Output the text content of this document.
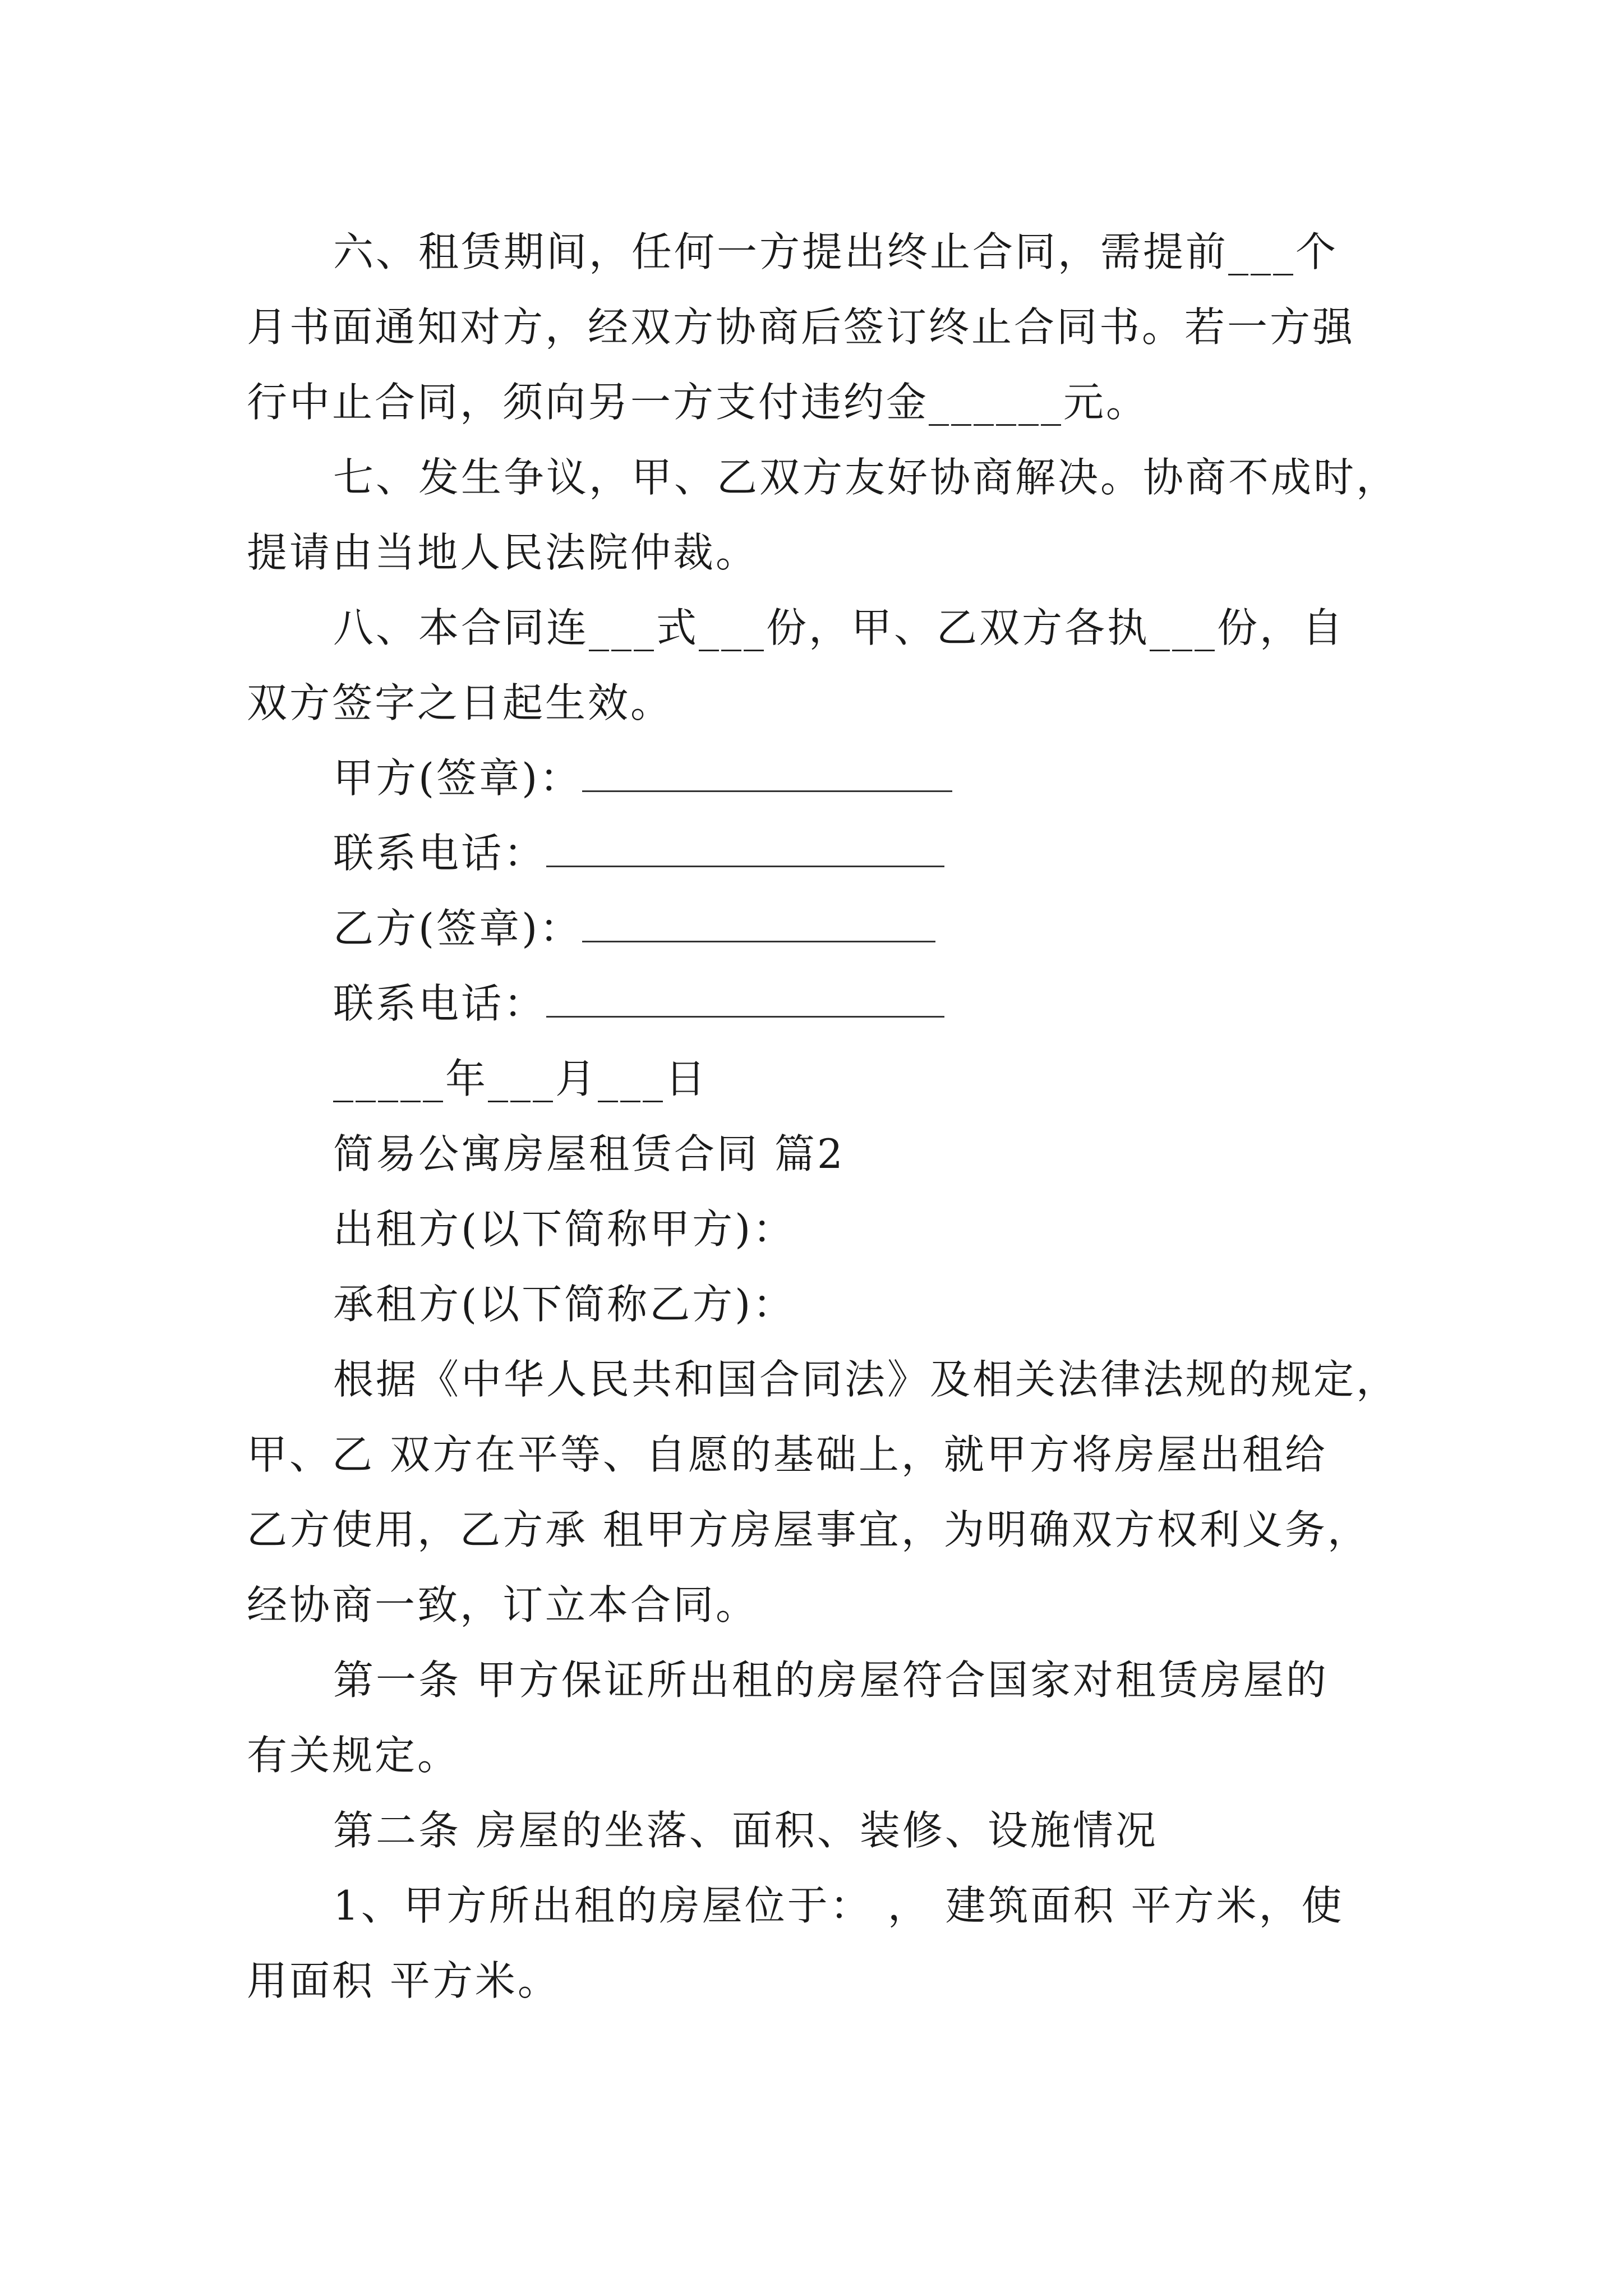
六、租赁期间，任何一方提出终止合同，需提前___个
月书面通知对方，经双方协商后签订终止合同书。若一方强
行中止合同，须向另一方支付违约金______元。
七、发生争议，甲、乙双方友好协商解决。协商不成时，
提请由当地人民法院仲裁。
八、本合同连___式___份，甲、乙双方各执___份，自
双方签字之日起生效。
甲方(签章)：
联系电话：
乙方(签章)：
联系电话：
_____年___月___日
简易公寓房屋租赁合同 篇2
出租方(以下简称甲方)：
承租方(以下简称乙方)：
根据《中华人民共和国合同法》及相关法律法规的规定，
甲、乙 双方在平等、自愿的基础上，就甲方将房屋出租给
乙方使用，乙方承 租甲方房屋事宜，为明确双方权利义务，
经协商一致，订立本合同。
第一条 甲方保证所出租的房屋符合国家对租赁房屋的
有关规定。
第二条 房屋的坐落、面积、装修、设施情况
1、甲方所出租的房屋位于： ， 建筑面积 平方米，使
用面积 平方米。
